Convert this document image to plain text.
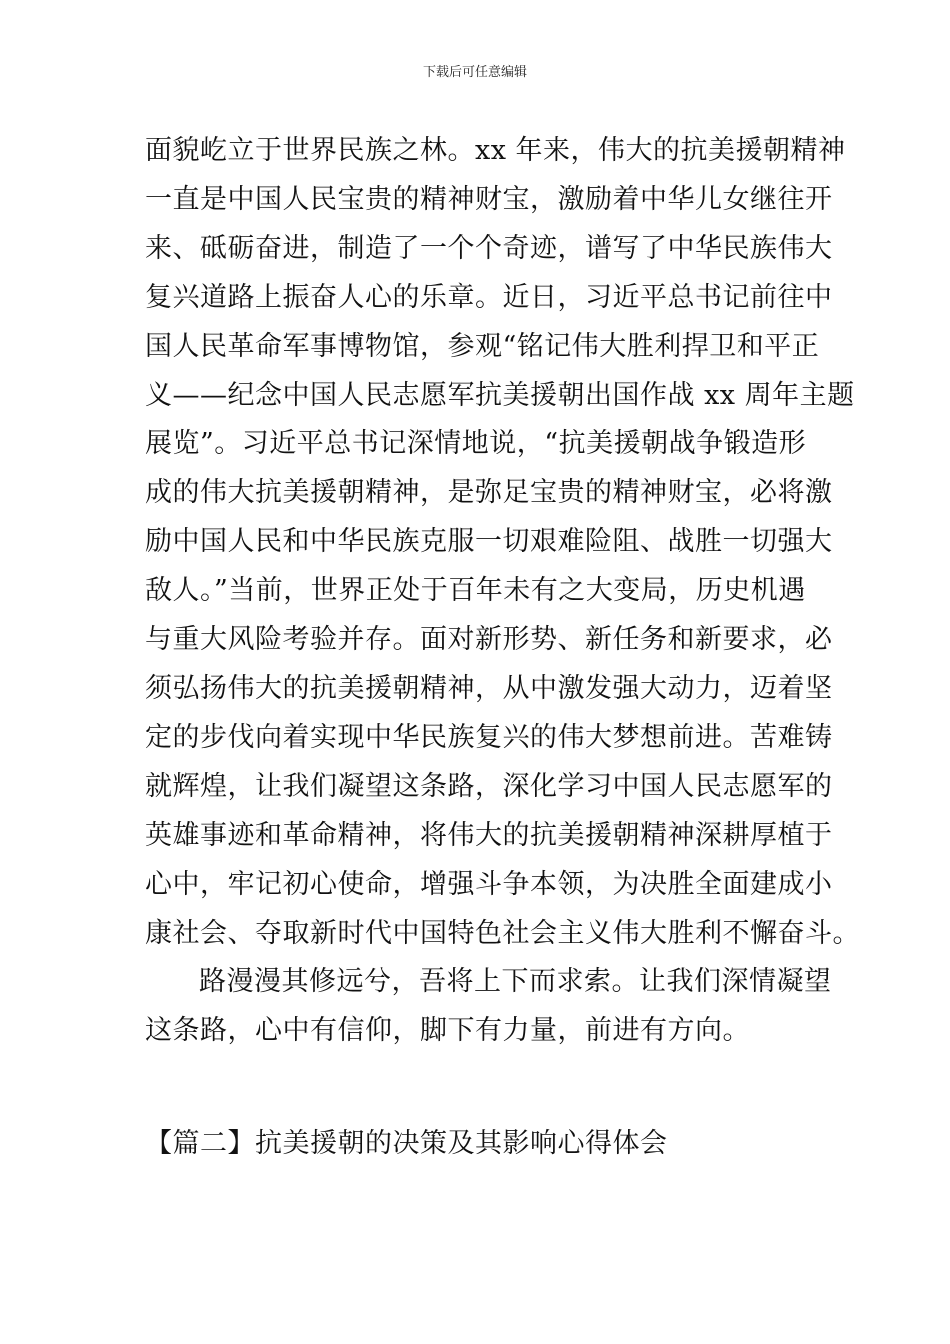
下载后可任意编辑
面貌屹立于世界民族之林。xx 年来，伟大的抗美援朝精神
一直是中国人民宝贵的精神财宝，激励着中华儿女继往开
来、砥砺奋进，制造了一个个奇迹，谱写了中华民族伟大
复兴道路上振奋人心的乐章。近日，习近平总书记前往中
国人民革命军事博物馆，参观“铭记伟大胜利捍卫和平正
义——纪念中国人民志愿军抗美援朝出国作战 xx 周年主题
展览”。习近平总书记深情地说，“抗美援朝战争锻造形
成的伟大抗美援朝精神，是弥足宝贵的精神财宝，必将激
励中国人民和中华民族克服一切艰难险阻、战胜一切强大
敌人。”当前，世界正处于百年未有之大变局，历史机遇
与重大风险考验并存。面对新形势、新任务和新要求，必
须弘扬伟大的抗美援朝精神，从中激发强大动力，迈着坚
定的步伐向着实现中华民族复兴的伟大梦想前进。苦难铸
就辉煌，让我们凝望这条路，深化学习中国人民志愿军的
英雄事迹和革命精神，将伟大的抗美援朝精神深耕厚植于
心中，牢记初心使命，增强斗争本领，为决胜全面建成小
康社会、夺取新时代中国特色社会主义伟大胜利不懈奋斗。
路漫漫其修远兮，吾将上下而求索。让我们深情凝望
这条路，心中有信仰，脚下有力量，前进有方向。
【篇二】抗美援朝的决策及其影响心得体会
